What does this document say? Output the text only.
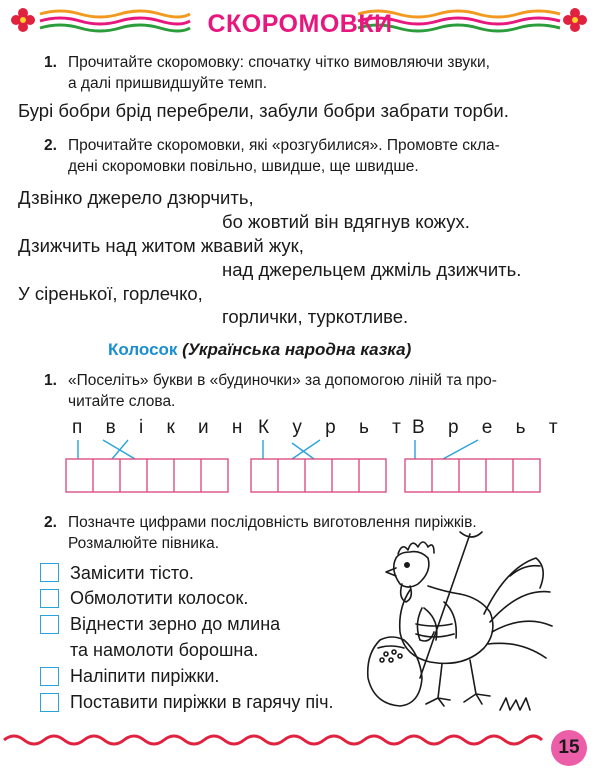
СКОРОМОВКИ
1. Прочитайте скоромовку: спочатку чітко вимовляючи звуки,
а далі пришвидшуйте темп.
Бурі бобри брід перебрели, забули бобри забрати торби.
2. Прочитайте скоромовки, які «розгубилися». Промовте скла-
дені скоромовки повільно, швидше, ще швидше.
Дзвінко джерело дзюрчить,
бо жовтий він вдягнув кожух.
Дзижчить над житом жвавий жук,
над джерельцем джміль дзижчить.
У сіренької, горлечко,
горлички, туркотливе.
Колосок (Українська народна казка)
1. «Поселіть» букви в «будиночки» за допомогою ліній та про-
читайте слова.
п в і к и н К у р ь т В р е ь т
2. Позначте цифрами послідовність виготовлення пиріжків.
Розмалюйте півника.
Замісити тісто.
Обмолотити колосок.
Віднести зерно до млина
та намолоти борошна.
Наліпити пиріжки.
Поставити пиріжки в гарячу піч.
15
